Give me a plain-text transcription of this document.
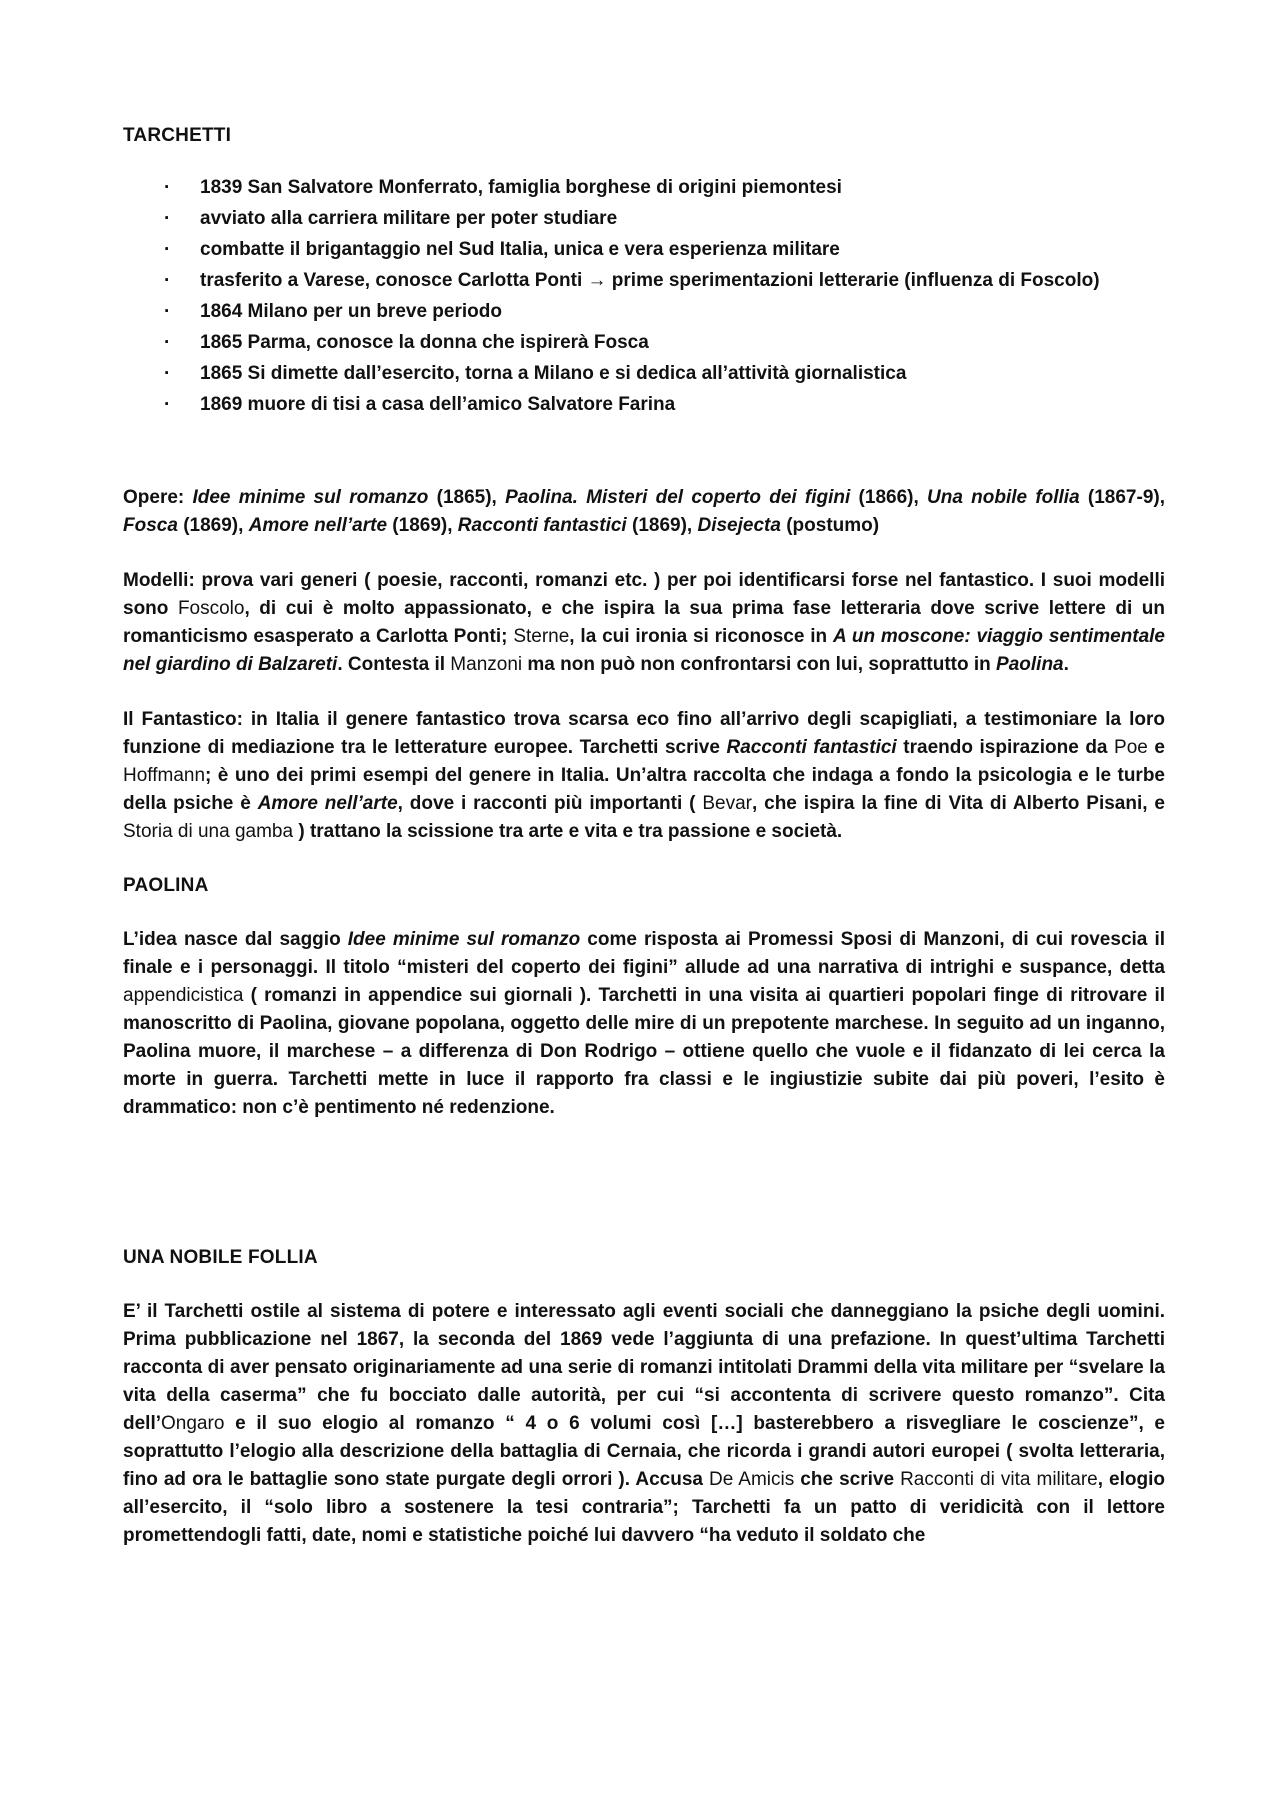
TARCHETTI
· 1839 San Salvatore Monferrato, famiglia borghese di origini piemontesi
· avviato alla carriera militare per poter studiare
· combatte il brigantaggio nel Sud Italia, unica e vera esperienza militare
· trasferito a Varese, conosce Carlotta Ponti → prime sperimentazioni letterarie (influenza di Foscolo)
· 1864 Milano per un breve periodo
· 1865 Parma, conosce la donna che ispirerà Fosca
· 1865 Si dimette dall’esercito, torna a Milano e si dedica all’attività giornalistica
· 1869 muore di tisi a casa dell’amico Salvatore Farina

Opere: Idee minime sul romanzo (1865), Paolina. Misteri del coperto dei figini (1866), Una nobile follia (1867-9), Fosca (1869), Amore nell’arte (1869), Racconti fantastici (1869), Disejecta (postumo)

Modelli: prova vari generi ( poesie, racconti, romanzi etc. ) per poi identificarsi forse nel fantastico. I suoi modelli sono Foscolo, di cui è molto appassionato, e che ispira la sua prima fase letteraria dove scrive lettere di un romanticismo esasperato a Carlotta Ponti; Sterne, la cui ironia si riconosce in A un moscone: viaggio sentimentale nel giardino di Balzareti. Contesta il Manzoni ma non può non confrontarsi con lui, soprattutto in Paolina.

Il Fantastico: in Italia il genere fantastico trova scarsa eco fino all’arrivo degli scapigliati, a testimoniare la loro funzione di mediazione tra le letterature europee. Tarchetti scrive Racconti fantastici traendo ispirazione da Poe e Hoffmann; è uno dei primi esempi del genere in Italia. Un’altra raccolta che indaga a fondo la psicologia e le turbe della psiche è Amore nell’arte, dove i racconti più importanti ( Bevar, che ispira la fine di Vita di Alberto Pisani, e Storia di una gamba ) trattano la scissione tra arte e vita e tra passione e società.

PAOLINA

L’idea nasce dal saggio Idee minime sul romanzo come risposta ai Promessi Sposi di Manzoni, di cui rovescia il finale e i personaggi. Il titolo “misteri del coperto dei figini” allude ad una narrativa di intrighi e suspance, detta appendicistica ( romanzi in appendice sui giornali ). Tarchetti in una visita ai quartieri popolari finge di ritrovare il manoscritto di Paolina, giovane popolana, oggetto delle mire di un prepotente marchese. In seguito ad un inganno, Paolina muore, il marchese – a differenza di Don Rodrigo – ottiene quello che vuole e il fidanzato di lei cerca la morte in guerra. Tarchetti mette in luce il rapporto fra classi e le ingiustizie subite dai più poveri, l’esito è drammatico: non c’è pentimento né redenzione.

UNA NOBILE FOLLIA

E’ il Tarchetti ostile al sistema di potere e interessato agli eventi sociali che danneggiano la psiche degli uomini. Prima pubblicazione nel 1867, la seconda del 1869 vede l’aggiunta di una prefazione. In quest’ultima Tarchetti racconta di aver pensato originariamente ad una serie di romanzi intitolati Drammi della vita militare per “svelare la vita della caserma” che fu bocciato dalle autorità, per cui “si accontenta di scrivere questo romanzo”. Cita dell’Ongaro e il suo elogio al romanzo “ 4 o 6 volumi così […] basterebbero a risvegliare le coscienze”, e soprattutto l’elogio alla descrizione della battaglia di Cernaia, che ricorda i grandi autori europei ( svolta letteraria, fino ad ora le battaglie sono state purgate degli orrori ). Accusa De Amicis che scrive Racconti di vita militare, elogio all’esercito, il “solo libro a sostenere la tesi contraria”; Tarchetti fa un patto di veridicità con il lettore promettendogli fatti, date, nomi e statistiche poiché lui davvero “ha veduto il soldato che
